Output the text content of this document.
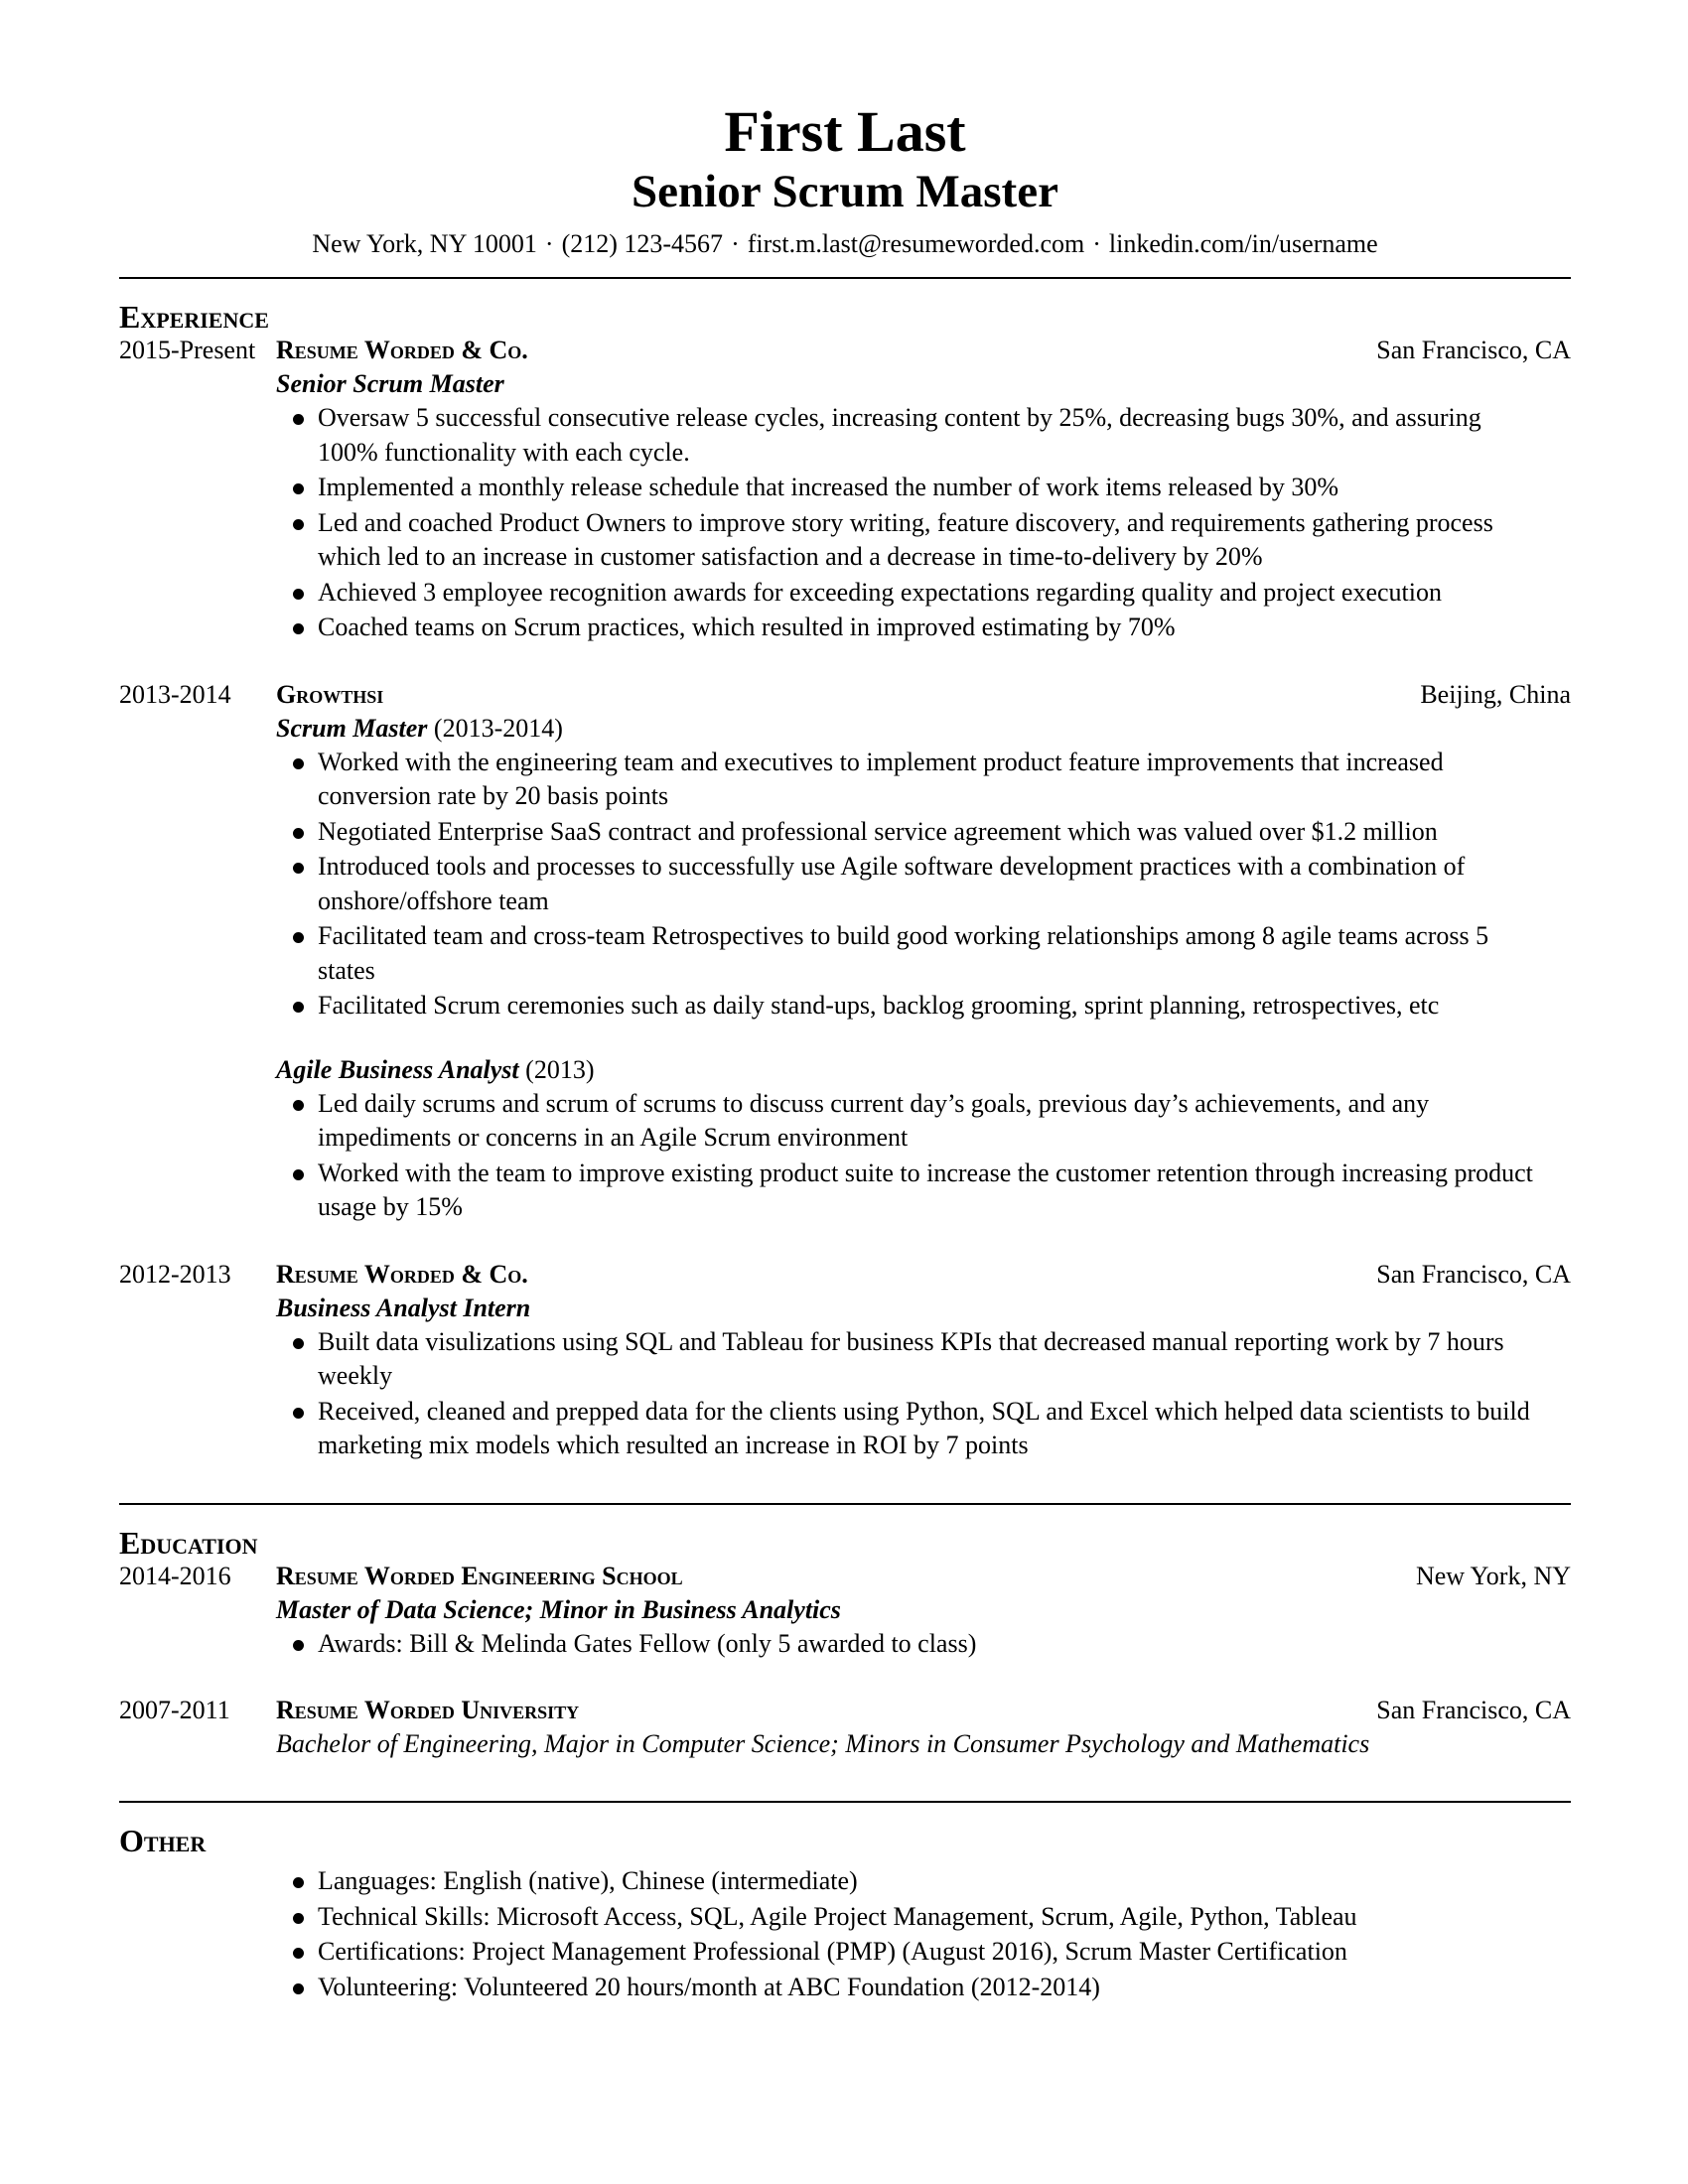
First Last
Senior Scrum Master
New York, NY 10001 · (212) 123-4567 · first.m.last@resumeworded.com · linkedin.com/in/username
Experience
2015-Present Resume Worded & Co.	San Francisco, CA
Senior Scrum Master
Oversaw 5 successful consecutive release cycles, increasing content by 25%, decreasing bugs 30%, and assuring 100% functionality with each cycle.
Implemented a monthly release schedule that increased the number of work items released by 30%
Led and coached Product Owners to improve story writing, feature discovery, and requirements gathering process which led to an increase in customer satisfaction and a decrease in time-to-delivery by 20%
Achieved 3 employee recognition awards for exceeding expectations regarding quality and project execution
Coached teams on Scrum practices, which resulted in improved estimating by 70%
2013-2014 Growthsi	Beijing, China
Scrum Master (2013-2014)
Worked with the engineering team and executives to implement product feature improvements that increased conversion rate by 20 basis points
Negotiated Enterprise SaaS contract and professional service agreement which was valued over $1.2 million
Introduced tools and processes to successfully use Agile software development practices with a combination of onshore/offshore team
Facilitated team and cross-team Retrospectives to build good working relationships among 8 agile teams across 5 states
Facilitated Scrum ceremonies such as daily stand-ups, backlog grooming, sprint planning, retrospectives, etc
Agile Business Analyst (2013)
Led daily scrums and scrum of scrums to discuss current day’s goals, previous day’s achievements, and any impediments or concerns in an Agile Scrum environment
Worked with the team to improve existing product suite to increase the customer retention through increasing product usage by 15%
2012-2013 Resume Worded & Co.	San Francisco, CA
Business Analyst Intern
Built data visulizations using SQL and Tableau for business KPIs that decreased manual reporting work by 7 hours weekly
Received, cleaned and prepped data for the clients using Python, SQL and Excel which helped data scientists to build marketing mix models which resulted an increase in ROI by 7 points
Education
2014-2016 Resume Worded Engineering School	New York, NY
Master of Data Science; Minor in Business Analytics
Awards: Bill & Melinda Gates Fellow (only 5 awarded to class)
2007-2011 Resume Worded University	San Francisco, CA
Bachelor of Engineering, Major in Computer Science; Minors in Consumer Psychology and Mathematics
Other
Languages: English (native), Chinese (intermediate)
Technical Skills: Microsoft Access, SQL, Agile Project Management, Scrum, Agile, Python, Tableau
Certifications: Project Management Professional (PMP) (August 2016), Scrum Master Certification
Volunteering: Volunteered 20 hours/month at ABC Foundation (2012-2014)
